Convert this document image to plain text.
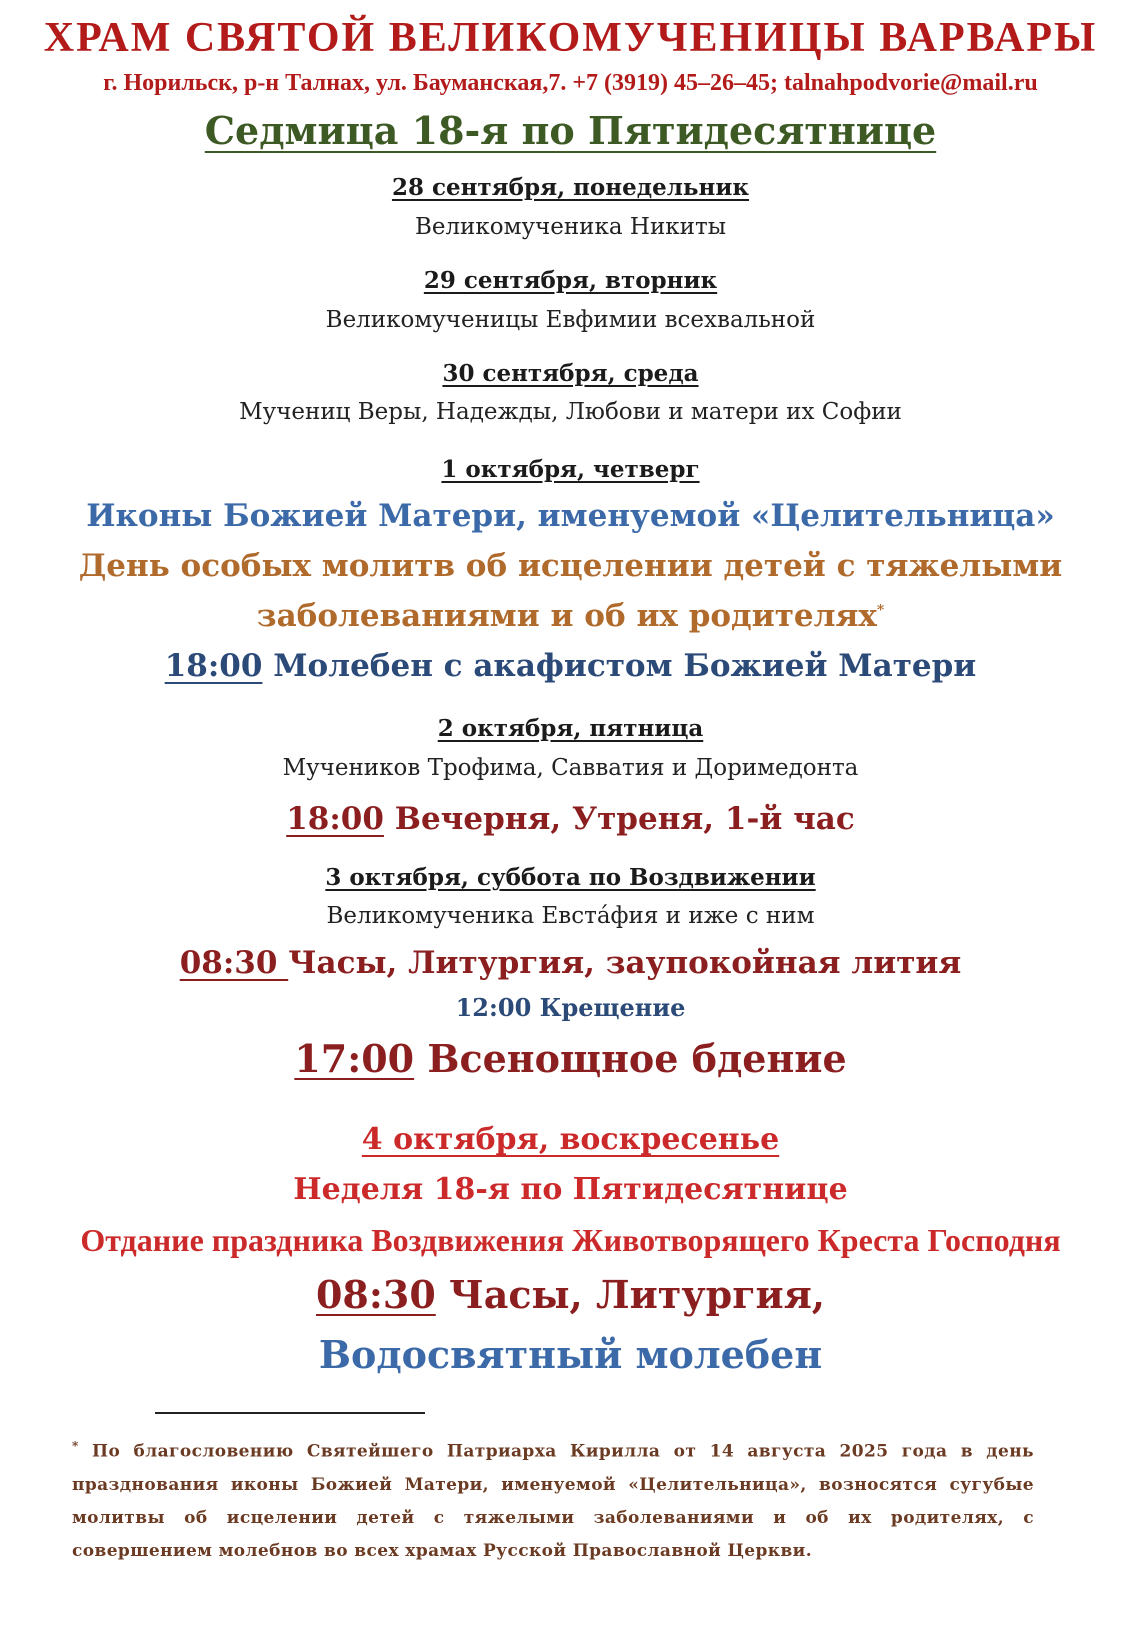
ХРАМ СВЯТОЙ ВЕЛИКОМУЧЕНИЦЫ ВАРВАРЫ
г. Норильск, р-н Талнах, ул. Бауманская,7. +7 (3919) 45–26–45; talnahpodvorie@mail.ru
Седмица 18-я по Пятидесятнице
28 сентября, понедельник
Великомученика Никиты
29 сентября, вторник
Великомученицы Евфимии всехвальной
30 сентября, среда
Мучениц Веры, Надежды, Любови и матери их Софии
1 октября, четверг
Иконы Божией Матери, именуемой «Целительница»
День особых молитв об исцелении детей с тяжелыми
заболеваниями и об их родителях*
18:00 Молебен с акафистом Божией Матери
2 октября, пятница
Мучеников Трофима, Савватия и Доримедонта
18:00 Вечерня, Утреня, 1-й час
3 октября, суббота по Воздвижении
Великомученика Евста́фия и иже с ним
08:30 Часы, Литургия, заупокойная лития
12:00 Крещение
17:00 Всенощное бдение
4 октября, воскресенье
Неделя 18-я по Пятидесятнице
Отдание праздника Воздвижения Животворящего Креста Господня
08:30 Часы, Литургия,
Водосвятный молебен
* По благословению Святейшего Патриарха Кирилла от 14 августа 2025 года в день празднования иконы Божией Матери, именуемой «Целительница», возносятся сугубые молитвы об исцелении детей с тяжелыми заболеваниями и об их родителях, с совершением молебнов во всех храмах Русской Православной Церкви.
